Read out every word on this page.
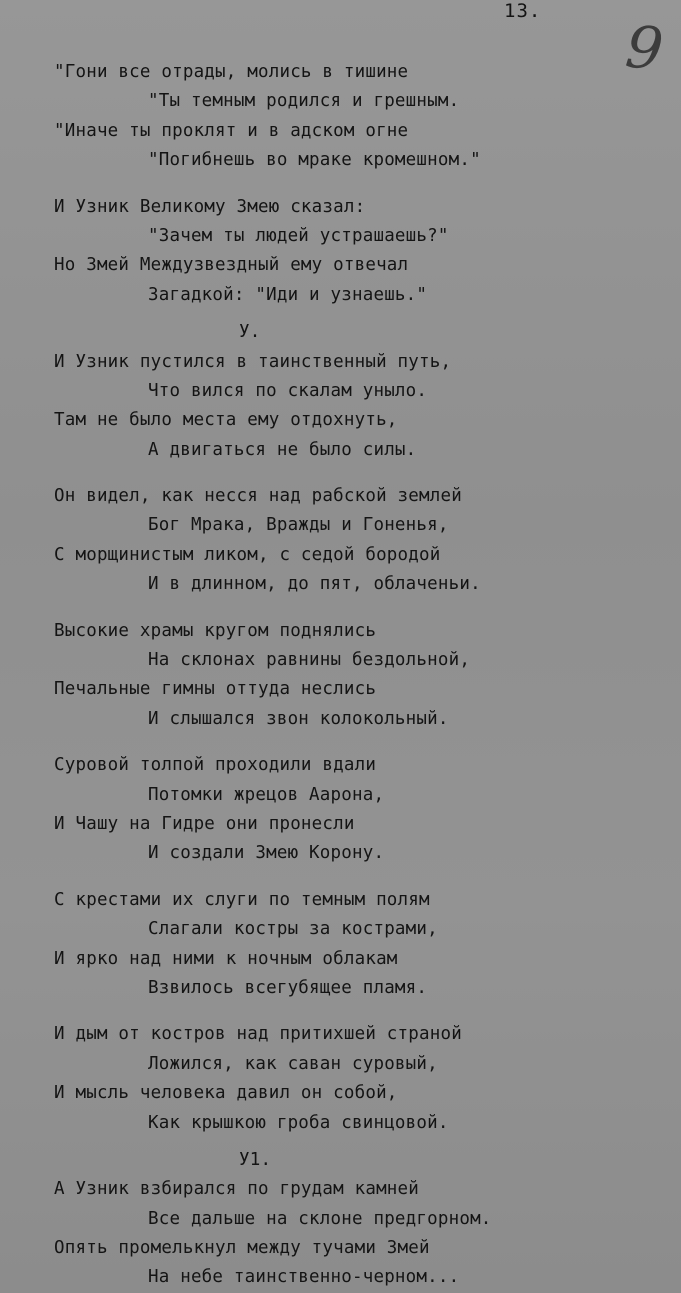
13.
9
"Гони все отрады, молись в тишине
"Ты темным родился и грешным.
"Иначе ты проклят и в адском огне
"Погибнешь во мраке кромешном."
И Узник Великому Змею сказал:
"Зачем ты людей устрашаешь?"
Но Змей Междузвездный ему отвечал
Загадкой: "Иди и узнаешь."
У.
И Узник пустился в таинственный путь,
Что вился по скалам уныло.
Там не было места ему отдохнуть,
А двигаться не было силы.
Он видел, как несся над рабской землей
Бог Мрака, Вражды и Гоненья,
С морщинистым ликом, с седой бородой
И в длинном, до пят, облаченьи.
Высокие храмы кругом поднялись
На склонах равнины бездольной,
Печальные гимны оттуда неслись
И слышался звон колокольный.
Суровой толпой проходили вдали
Потомки жрецов Аарона,
И Чашу на Гидре они пронесли
И создали Змею Корону.
С крестами их слуги по темным полям
Слагали костры за кострами,
И ярко над ними к ночным облакам
Взвилось всегубящее пламя.
И дым от костров над притихшей страной
Ложился, как саван суровый,
И мысль человека давил он собой,
Как крышкою гроба свинцовой.
У1.
А Узник взбирался по грудам камней
Все дальше на склоне предгорном.
Опять промелькнул между тучами Змей
На небе таинственно-черном...
